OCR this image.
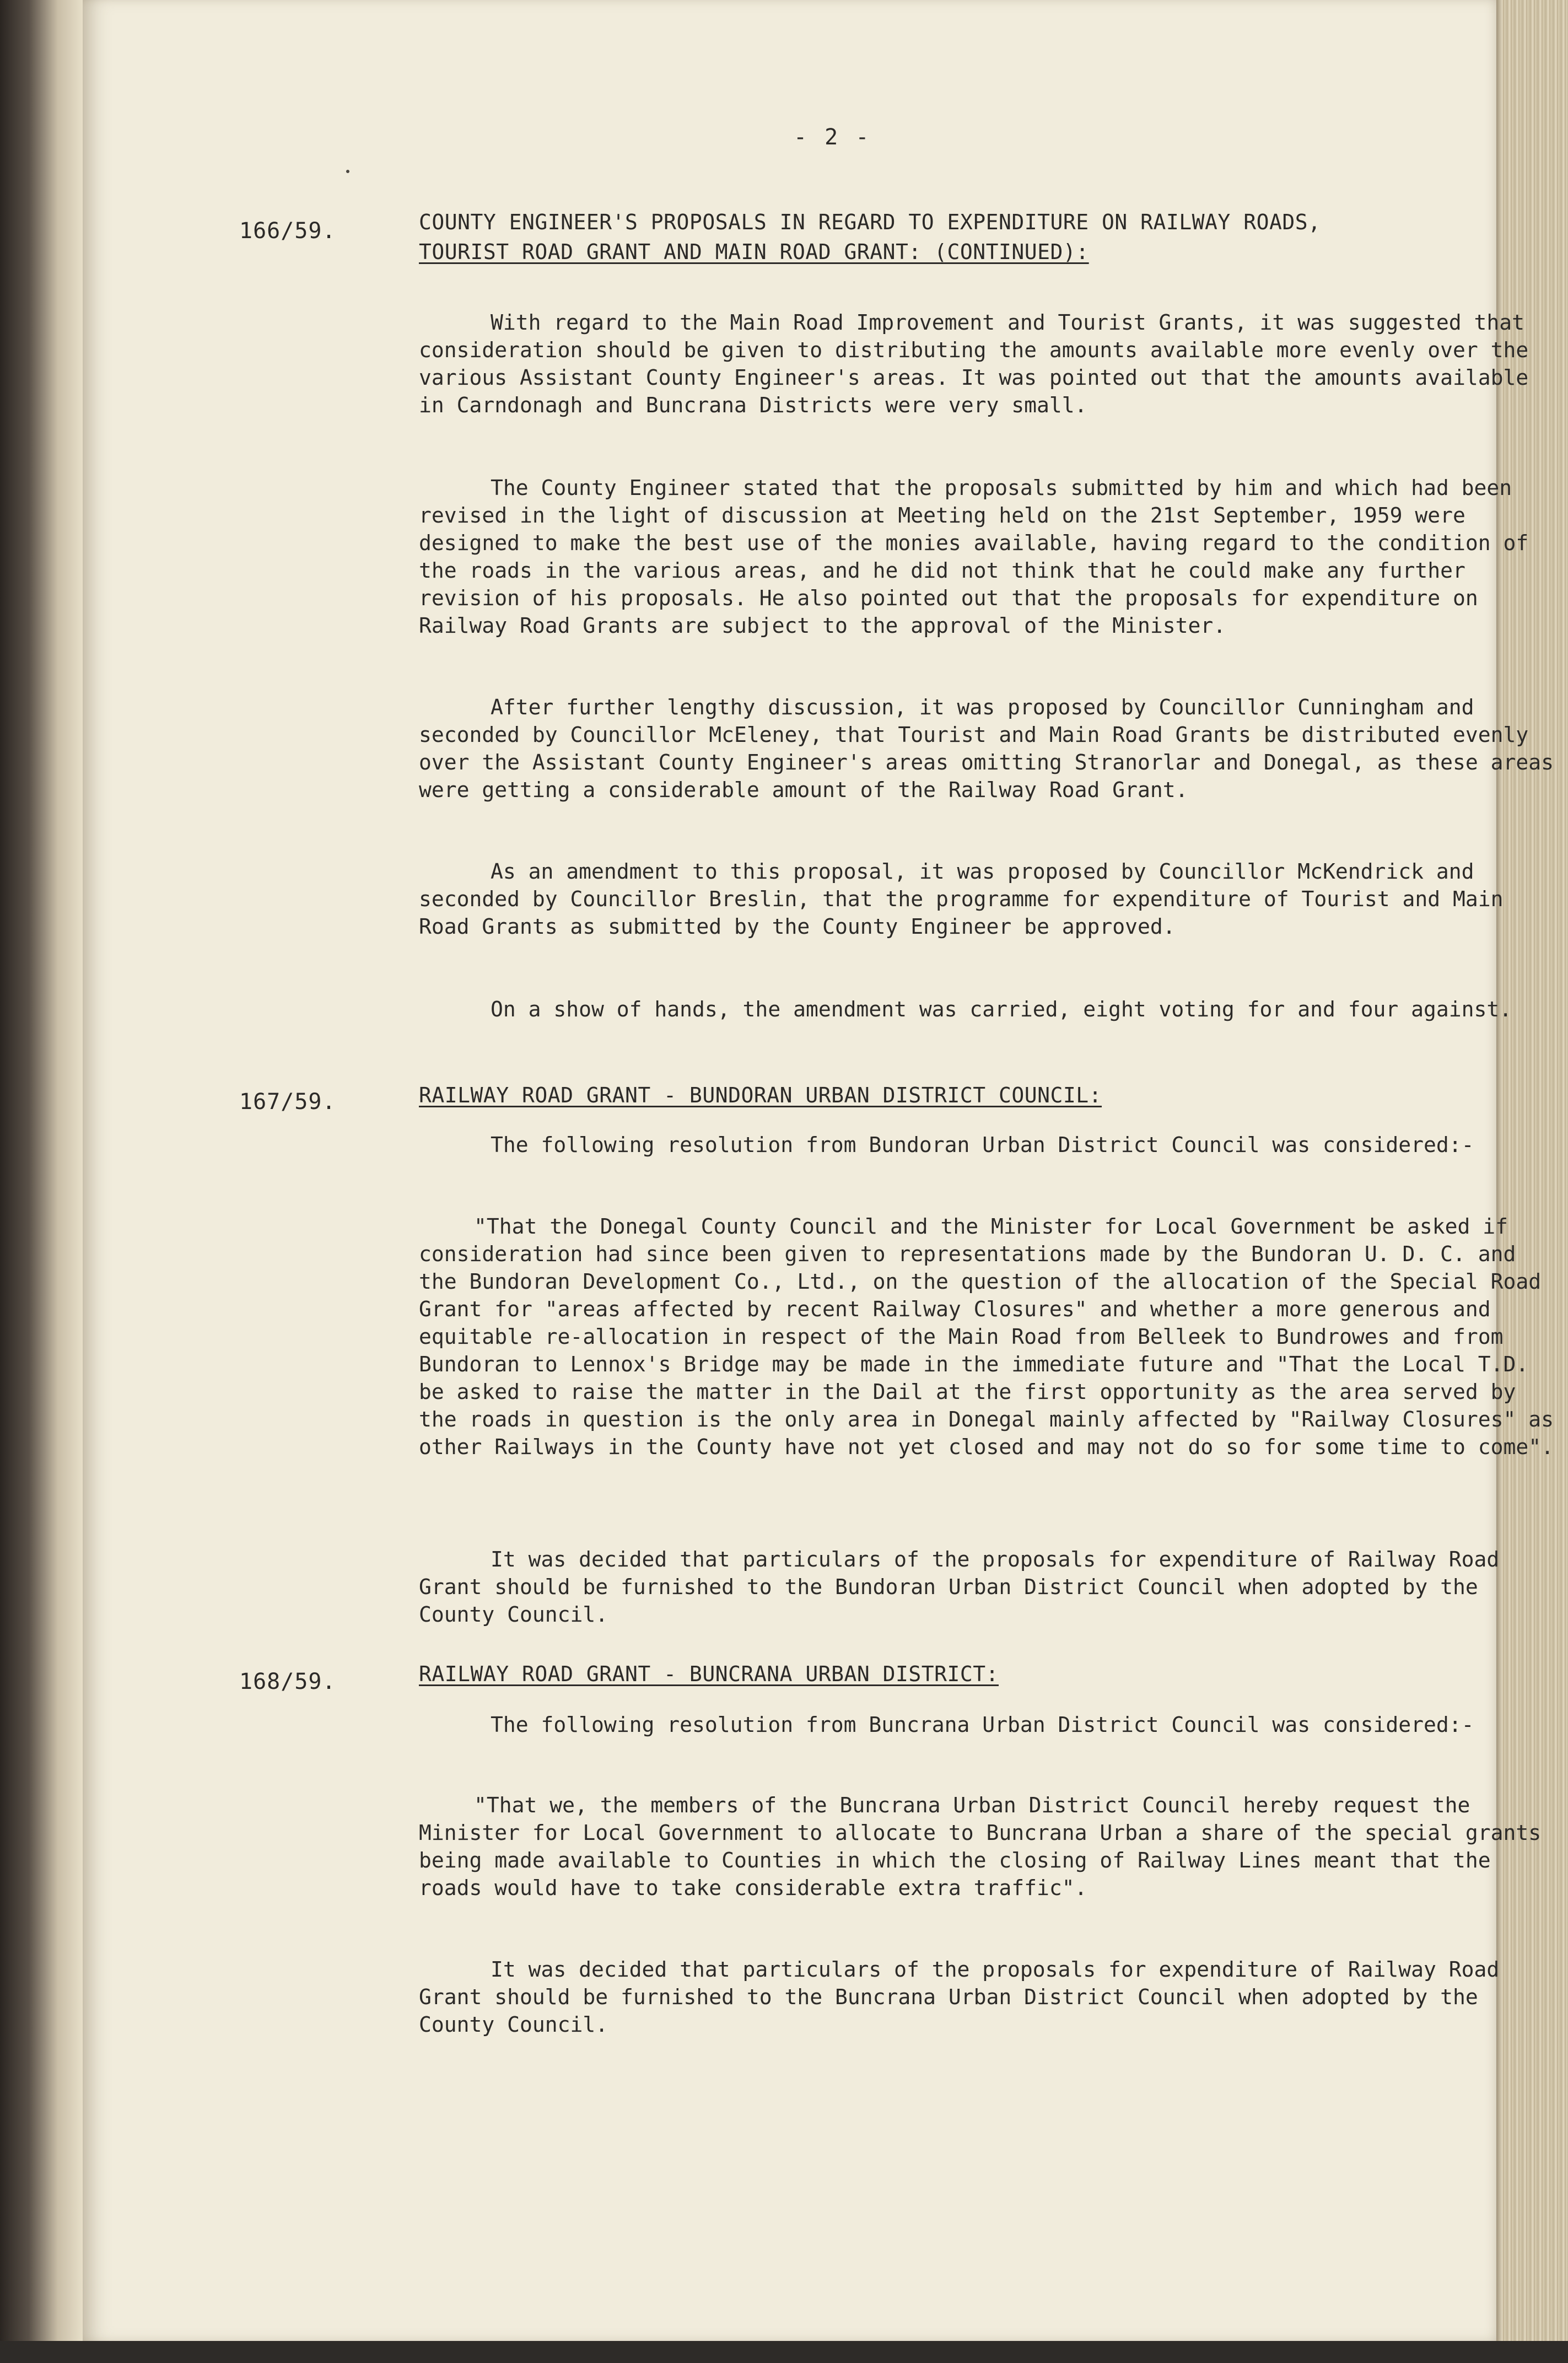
- 2 -
166/59.	COUNTY ENGINEER'S PROPOSALS IN REGARD TO EXPENDITURE ON RAILWAY ROADS,
TOURIST ROAD GRANT AND MAIN ROAD GRANT: (CONTINUED):

With regard to the Main Road Improvement and Tourist Grants, it was suggested that consideration should be given to distributing the amounts available more evenly over the various Assistant County Engineer's areas. It was pointed out that the amounts available in Carndonagh and Buncrana Districts were very small.

The County Engineer stated that the proposals submitted by him and which had been revised in the light of discussion at Meeting held on the 21st September, 1959 were designed to make the best use of the monies available, having regard to the condition of the roads in the various areas, and he did not think that he could make any further revision of his proposals. He also pointed out that the proposals for expenditure on Railway Road Grants are subject to the approval of the Minister.

After further lengthy discussion, it was proposed by Councillor Cunningham and seconded by Councillor McEleney, that Tourist and Main Road Grants be distributed evenly over the Assistant County Engineer's areas omitting Stranorlar and Donegal, as these areas were getting a considerable amount of the Railway Road Grant.

As an amendment to this proposal, it was proposed by Councillor McKendrick and seconded by Councillor Breslin, that the programme for expenditure of Tourist and Main Road Grants as submitted by the County Engineer be approved.

On a show of hands, the amendment was carried, eight voting for and four against.

167/59.	RAILWAY ROAD GRANT - BUNDORAN URBAN DISTRICT COUNCIL:

The following resolution from Bundoran Urban District Council was considered:-

"That the Donegal County Council and the Minister for Local Government be asked if consideration had since been given to representations made by the Bundoran U. D. C. and the Bundoran Development Co., Ltd., on the question of the allocation of the Special Road Grant for "areas affected by recent Railway Closures" and whether a more generous and equitable re-allocation in respect of the Main Road from Belleek to Bundrowes and from Bundoran to Lennox's Bridge may be made in the immediate future and "That the Local T.D. be asked to raise the matter in the Dail at the first opportunity as the area served by the roads in question is the only area in Donegal mainly affected by "Railway Closures" as other Railways in the County have not yet closed and may not do so for some time to come".

It was decided that particulars of the proposals for expenditure of Railway Road Grant should be furnished to the Bundoran Urban District Council when adopted by the County Council.

168/59.	RAILWAY ROAD GRANT - BUNCRANA URBAN DISTRICT:

The following resolution from Buncrana Urban District Council was considered:-

"That we, the members of the Buncrana Urban District Council hereby request the Minister for Local Government to allocate to Buncrana Urban a share of the special grants being made available to Counties in which the closing of Railway Lines meant that the roads would have to take considerable extra traffic".

It was decided that particulars of the proposals for expenditure of Railway Road Grant should be furnished to the Buncrana Urban District Council when adopted by the County Council.
